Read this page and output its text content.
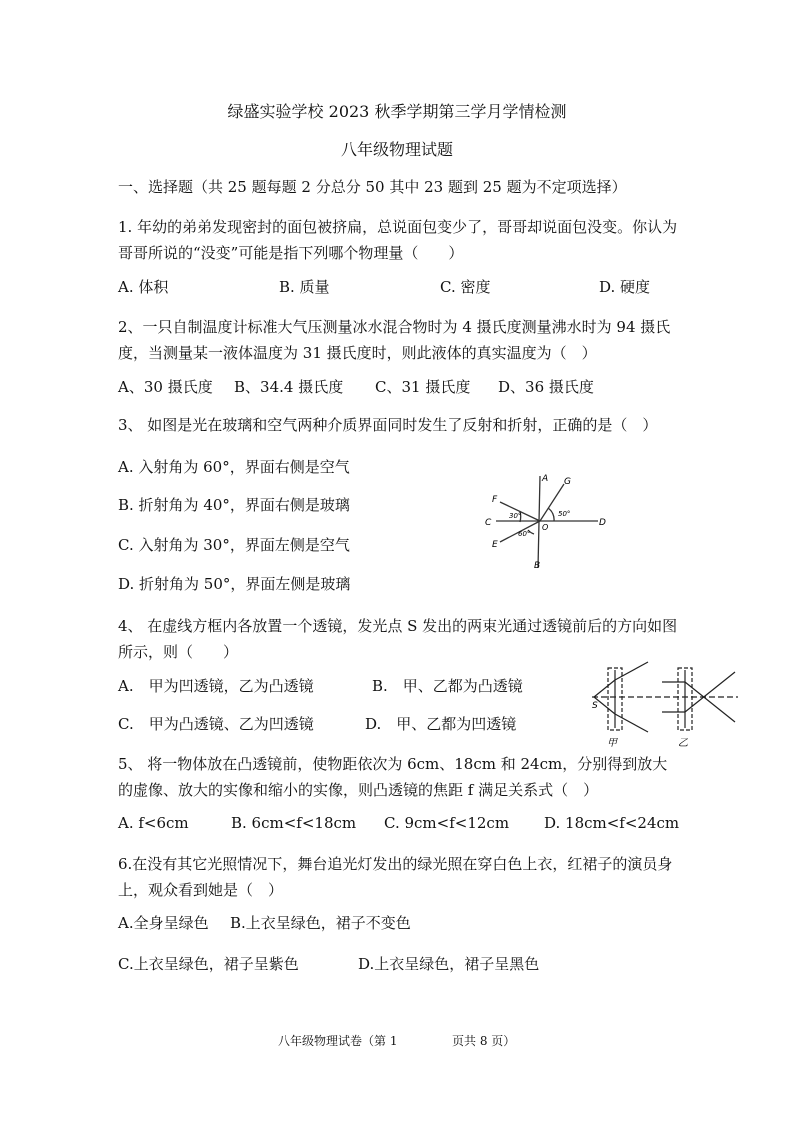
绿盛实验学校 2023 秋季学期第三学月学情检测
八年级物理试题
一、选择题（共 25 题每题 2 分总分 50 其中 23 题到 25 题为不定项选择）
1. 年幼的弟弟发现密封的面包被挤扁，总说面包变少了，哥哥却说面包没变。你认为哥哥所说的“没变”可能是指下列哪个物理量（　　）
A. 体积	B. 质量	C. 密度	D. 硬度
2、一只自制温度计标准大气压测量冰水混合物时为 4 摄氏度测量沸水时为 94 摄氏度，当测量某一液体温度为 31 摄氏度时，则此液体的真实温度为（　）
A、30 摄氏度 B、34.4 摄氏度 C、31 摄氏度 D、36 摄氏度
3、 如图是光在玻璃和空气两种介质界面同时发生了反射和折射，正确的是（　）
A. 入射角为 60°，界面右侧是空气
B. 折射角为 40°，界面右侧是玻璃
C. 入射角为 30°，界面左侧是空气
D. 折射角为 50°，界面左侧是玻璃
A
B
C	D
E
F
G
O
30°	50°
60°
4、 在虚线方框内各放置一个透镜，发光点 S 发出的两束光通过透镜前后的方向如图所示，则（　　）
A.　甲为凹透镜，乙为凸透镜	B.　甲、乙都为凸透镜
C.　甲为凸透镜、乙为凹透镜	D.　甲、乙都为凹透镜
S
甲	乙
5、 将一物体放在凸透镜前，使物距依次为 6cm、18cm 和 24cm，分别得到放大的虚像、放大的实像和缩小的实像，则凸透镜的焦距 f 满足关系式（　）
A. f<6cm	B. 6cm<f<18cm C. 9cm<f<12cm D. 18cm<f<24cm
6.在没有其它光照情况下，舞台追光灯发出的绿光照在穿白色上衣，红裙子的演员身上，观众看到她是（　）
A.全身呈绿色 B.上衣呈绿色，裙子不变色
C.上衣呈绿色，裙子呈紫色	D.上衣呈绿色，裙子呈黑色
八年级物理试卷（第 1	页共 8 页）
